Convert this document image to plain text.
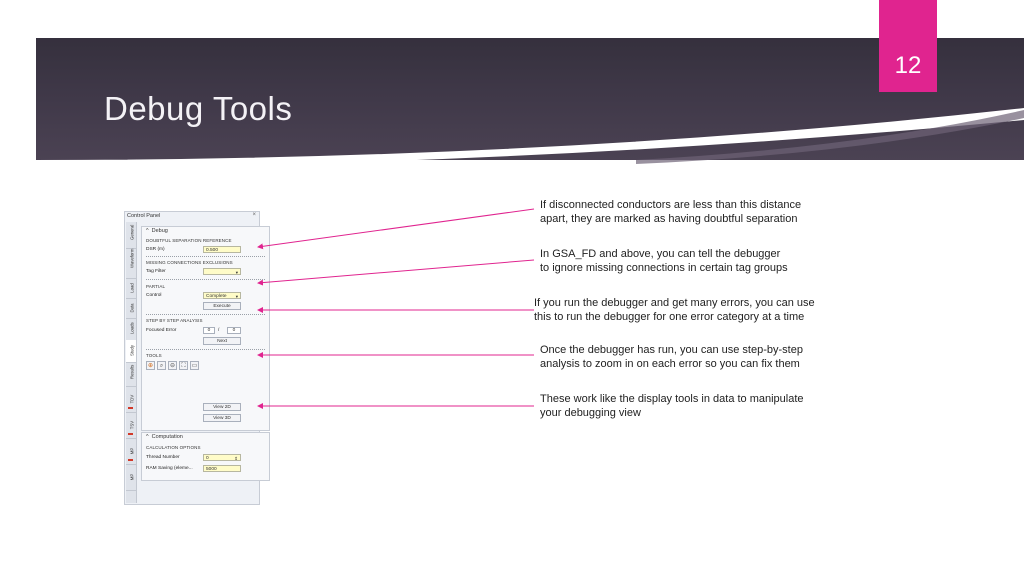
Debug Tools
12
Control Panel	×
General
Waveform
Load
Data
Loads
Study
Results
TDV
TSV
MP
MP
^  Debug
DOUBTFUL SEPARATION REFERENCE
DSR (m)	0.500
MISSING CONNECTIONS EXCLUSIONS
Tag Filter	▾
PARTIAL
Control	Complete ▾
Execute
STEP BY STEP ANALYSIS
Focused Error	0	/	0
Next
TOOLS
⊕	⌕	⊖	⛶	▭
View 2D
View 3D
^  Computation
CALCULATION OPTIONS
Thread Number	0	⇕
RAM Saving (eleme...	5000
If disconnected conductors are less than this distance
apart, they are marked as having doubtful separation
In GSA_FD and above, you can tell the debugger
to ignore missing connections in certain tag groups
If you run the debugger and get many errors, you can use
this to run the debugger for one error category at a time
Once the debugger has run, you can use step-by-step
analysis to zoom in on each error so you can fix them
These work like the display tools in data to manipulate
your debugging view
